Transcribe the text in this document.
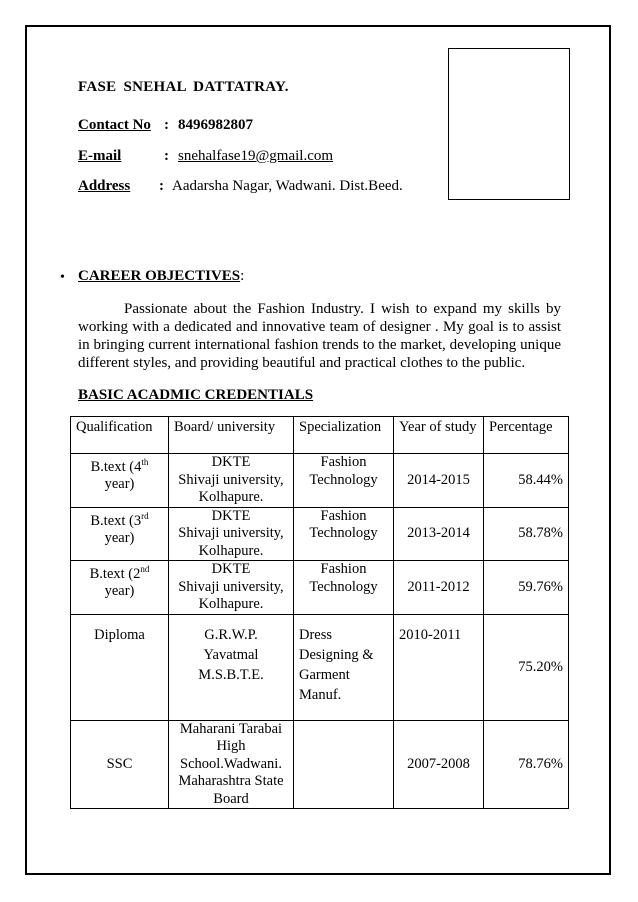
FASE SNEHAL DATTATRAY.
Contact No : 8496982807
E-mail	: snehalfase19@gmail.com
Address : Aadarsha Nagar, Wadwani. Dist.Beed.
• CAREER OBJECTIVES:

Passionate about the Fashion Industry. I wish to expand my skills by working with a dedicated and innovative team of designer . My goal is to assist in bringing current international fashion trends to the market, developing unique different styles, and providing beautiful and practical clothes to the public.

BASIC ACADMIC CREDENTIALS
Qualification	Board/ university	Specialization	Year of study	Percentage
B.text (4th
year)	DKTE
Shivaji university,
Kolhapure.	Fashion
Technology	2014-2015	58.44%
B.text (3rd
year)	DKTE
Shivaji university,
Kolhapure.	Fashion
Technology	2013-2014	58.78%
B.text (2nd
year)	DKTE
Shivaji university,
Kolhapure.	Fashion
Technology	2011-2012	59.76%
Diploma	G.R.W.P.
Yavatmal
M.S.B.T.E.	Dress
Designing &
Garment
Manuf.	2010-2011	75.20%
SSC	Maharani Tarabai
High
School.Wadwani.
Maharashtra State
Board		2007-2008	78.76%
